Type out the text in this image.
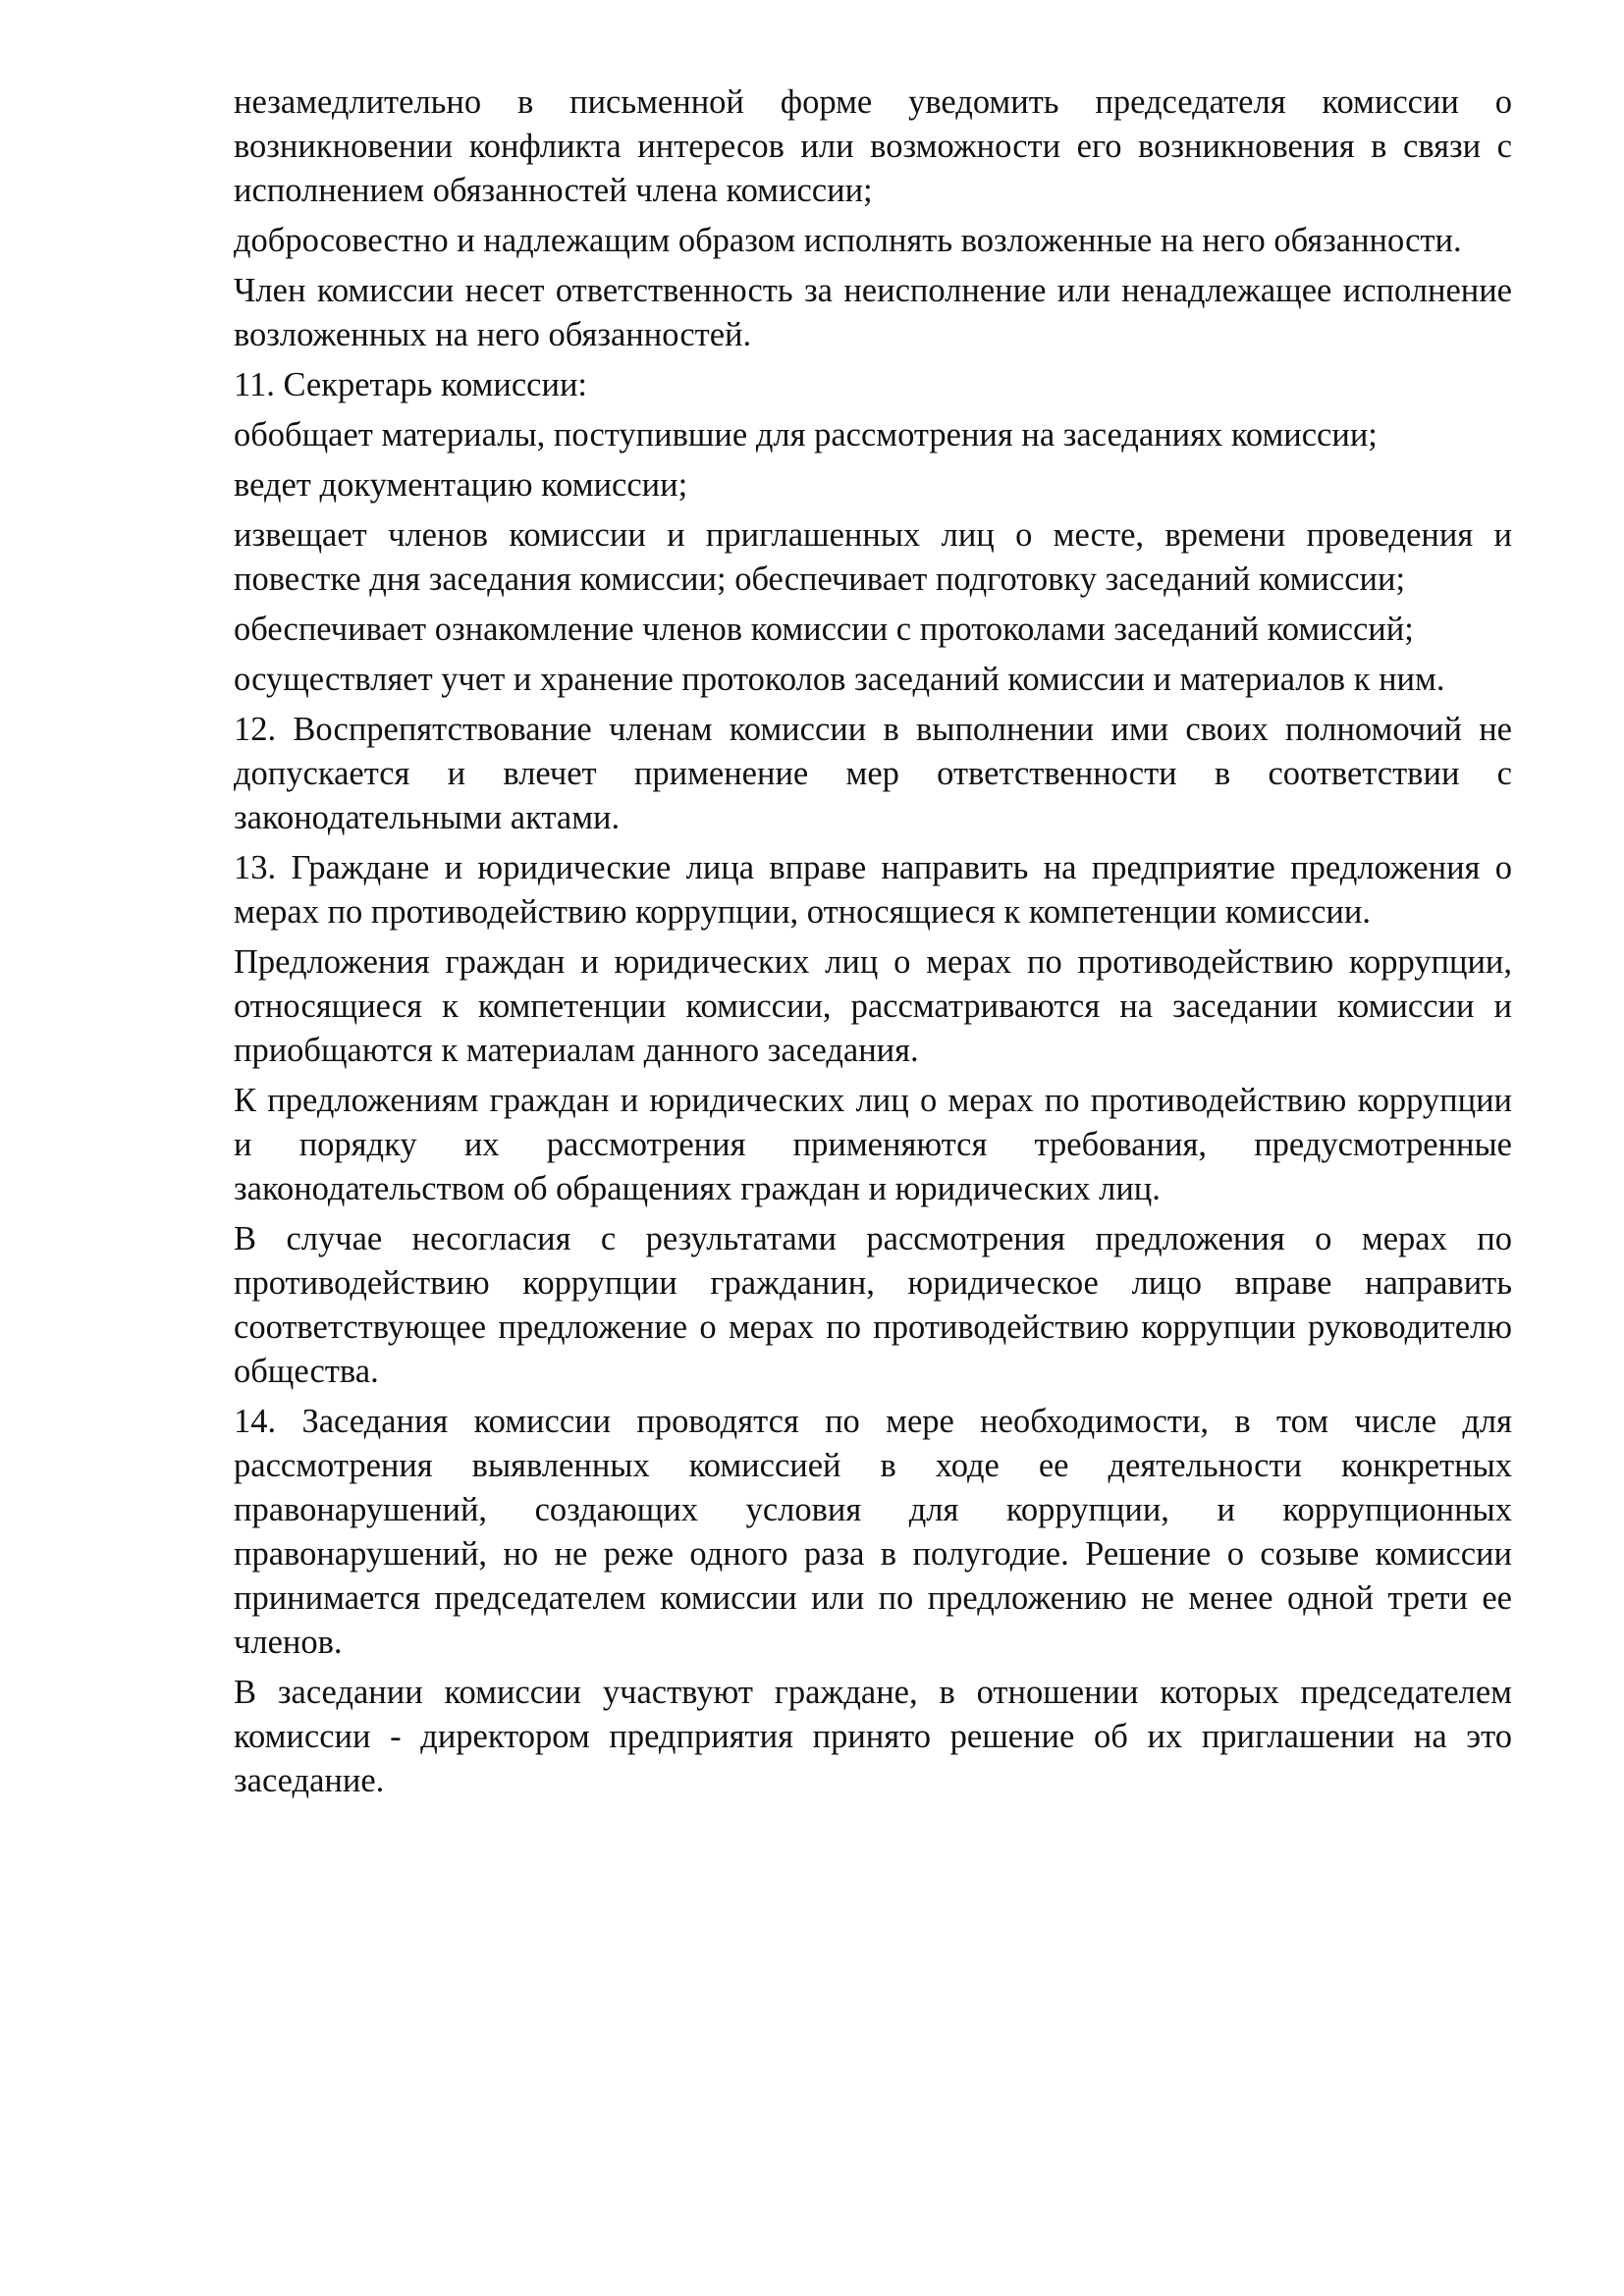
незамедлительно в письменной форме уведомить председателя комиссии о возникновении конфликта интересов или возможности его возникновения в связи с исполнением обязанностей члена комиссии;

добросовестно и надлежащим образом исполнять возложенные на него обязанности.

Член комиссии несет ответственность за неисполнение или ненадлежащее исполнение возложенных на него обязанностей.

11. Секретарь комиссии:

обобщает материалы, поступившие для рассмотрения на заседаниях комиссии;

ведет документацию комиссии;

извещает членов комиссии и приглашенных лиц о месте, времени проведения и повестке дня заседания комиссии; обеспечивает подготовку заседаний комиссии;

обеспечивает ознакомление членов комиссии с протоколами заседаний комиссий;

осуществляет учет и хранение протоколов заседаний комиссии и материалов к ним.

12. Воспрепятствование членам комиссии в выполнении ими своих полномочий не допускается и влечет применение мер ответственности в соответствии с законодательными актами.

13. Граждане и юридические лица вправе направить на предприятие предложения о мерах по противодействию коррупции, относящиеся к компетенции комиссии.

Предложения граждан и юридических лиц о мерах по противодействию коррупции, относящиеся к компетенции комиссии, рассматриваются на заседании комиссии и приобщаются к материалам данного заседания.

К предложениям граждан и юридических лиц о мерах по противодействию коррупции и порядку их рассмотрения применяются требования, предусмотренные законодательством об обращениях граждан и юридических лиц.

В случае несогласия с результатами рассмотрения предложения о мерах по противодействию коррупции гражданин, юридическое лицо вправе направить соответствующее предложение о мерах по противодействию коррупции руководителю общества.

14. Заседания комиссии проводятся по мере необходимости, в том числе для рассмотрения выявленных комиссией в ходе ее деятельности конкретных правонарушений, создающих условия для коррупции, и коррупционных правонарушений, но не реже одного раза в полугодие. Решение о созыве комиссии принимается председателем комиссии или по предложению не менее одной трети ее членов.

В заседании комиссии участвуют граждане, в отношении которых председателем комиссии - директором предприятия принято решение об их приглашении на это заседание.
